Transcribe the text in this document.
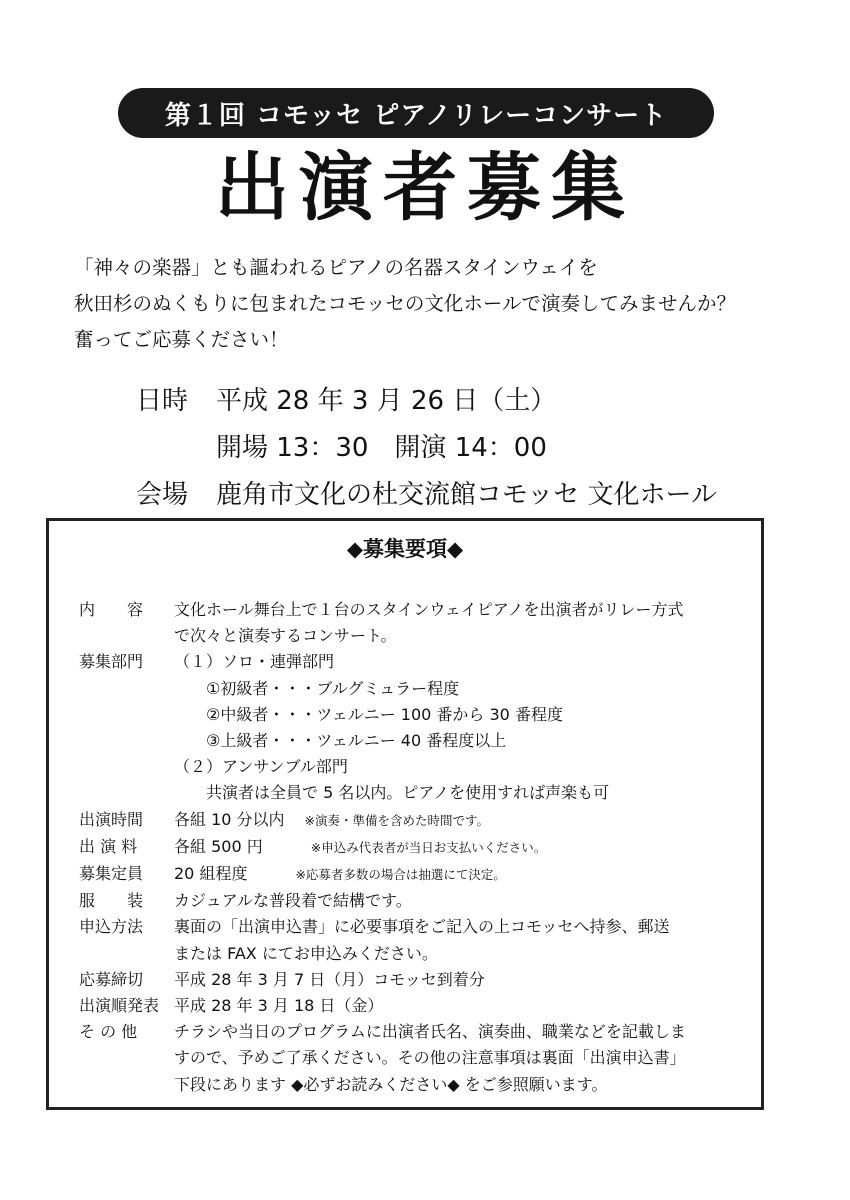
第１回 コモッセ ピアノリレーコンサート
出演者募集
「神々の楽器」とも謳われるピアノの名器スタインウェイを
秋田杉のぬくもりに包まれたコモッセの文化ホールで演奏してみませんか？
奮ってご応募ください！
日時	平成 28 年 3 月 26 日（土）
開場 13：30　開演 14：00
会場	鹿角市文化の杜交流館コモッセ 文化ホール
◆募集要項◆
内　　容	文化ホール舞台上で１台のスタインウェイピアノを出演者がリレー方式
で次々と演奏するコンサート。
募集部門	（１）ソロ・連弾部門
①初級者・・・ブルグミュラー程度
②中級者・・・ツェルニー 100 番から 30 番程度
③上級者・・・ツェルニー 40 番程度以上
（２）アンサンブル部門
共演者は全員で 5 名以内。ピアノを使用すれば声楽も可
出演時間	各組 10 分以内 ※演奏・準備を含めた時間です。
出 演 料	各組 500 円	※申込み代表者が当日お支払いください。
募集定員	20 組程度	※応募者多数の場合は抽選にて決定。
服　　装	カジュアルな普段着で結構です。
申込方法	裏面の「出演申込書」に必要事項をご記入の上コモッセへ持参、郵送
または FAX にてお申込みください。
応募締切	平成 28 年 3 月 7 日（月）コモッセ到着分
出演順発表 平成 28 年 3 月 18 日（金）
そ の 他	チラシや当日のプログラムに出演者氏名、演奏曲、職業などを記載しま
すので、予めご了承ください。その他の注意事項は裏面「出演申込書」
下段にあります ◆必ずお読みください◆ をご参照願います。
